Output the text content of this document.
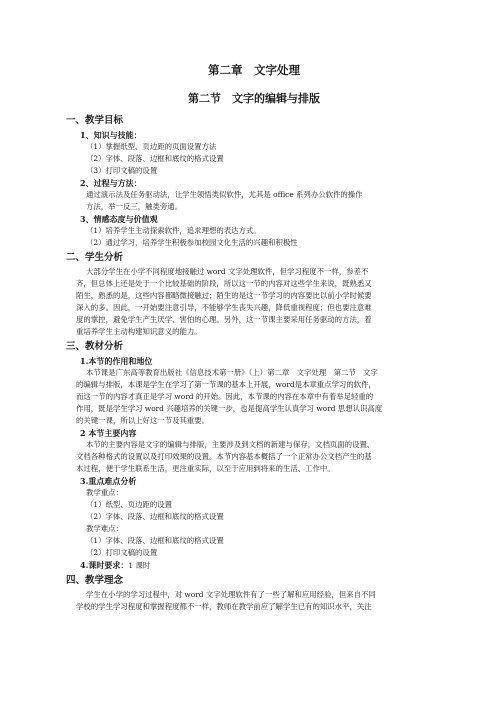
第二章　文字处理
第二节　文字的编辑与排版
一、教学目标
1、知识与技能：
（1）掌握纸型、页边距的页面设置方法
（2）字体、段落、边框和底纹的格式设置
（3）打印文稿的设置
2、过程与方法：
通过演示法及任务驱动法，让学生领悟类似软件，尤其是 office 系列办公软件的操作
方法，举一反三，触类旁通。
3、情感态度与价值观
（1）培养学生主动探索软件，追求理想的表达方式。
（2）通过学习，培养学生积极参加校园文化生活的兴趣和积极性
二、学生分析
大部分学生在小学不同程度地接触过 word 文字处理软件，但学习程度不一样，参差不
齐，但总体上还是处于一个比较基础的阶段，所以这一节的内容对这些学生来说，既熟悉又
陌生，熟悉的是，这些内容都略微接触过；陌生的是这一节学习的内容要比以前小学时候要
深入的多。因此，一开始要注意引导，不能够学生丧失兴趣，降低重视程度；但也要注意难
度的掌控，避免学生产生厌学、害怕的心理。另外，这一节课主要采用任务驱动的方法，着
重培养学生主动构建知识意义的能力。
三、教材分析
1.本节的作用和地位
本节课是广东高等教育出版社《信息技术第一册》（上）第二章　文字处理　第二节　文字
的编辑与排版，本课是学生在学习了第一节课的基本上开展，word是本章重点学习的软件，
而这一节的内容才真正是学习 word 的开始。因此，本节课的内容在本章中有着举足轻重的
作用，既是学生学习 word 兴趣培养的关键一步，也是提高学生认真学习 word 思想认识高度
的关键一课，所以上好这一节及其重要。
2 本节主要内容
本节的主要内容是文字的编辑与排版，主要涉及到文档的新建与保存，文档页面的设置、
文档各种格式的设置以及打印效果的设置。本节内容基本概括了一个正常办公文档产生的基
本过程，便于学生联系生活，更注重实际，以至于应用到将来的生活、工作中。
3.重点难点分析
教学重点：
（1）纸型、页边距的设置
（2）字体、段落、边框和底纹的格式设置
教学难点：
（1）字体、段落、边框和底纹的格式设置
（2）打印文稿的设置
4.课时要求：1 课时
四、教学理念
学生在小学的学习过程中，对 word 文字处理软件有了一些了解和应用经验，但来自不同
学校的学生学习程度和掌握程度都不一样，教师在教学前应了解学生已有的知识水平，关注
